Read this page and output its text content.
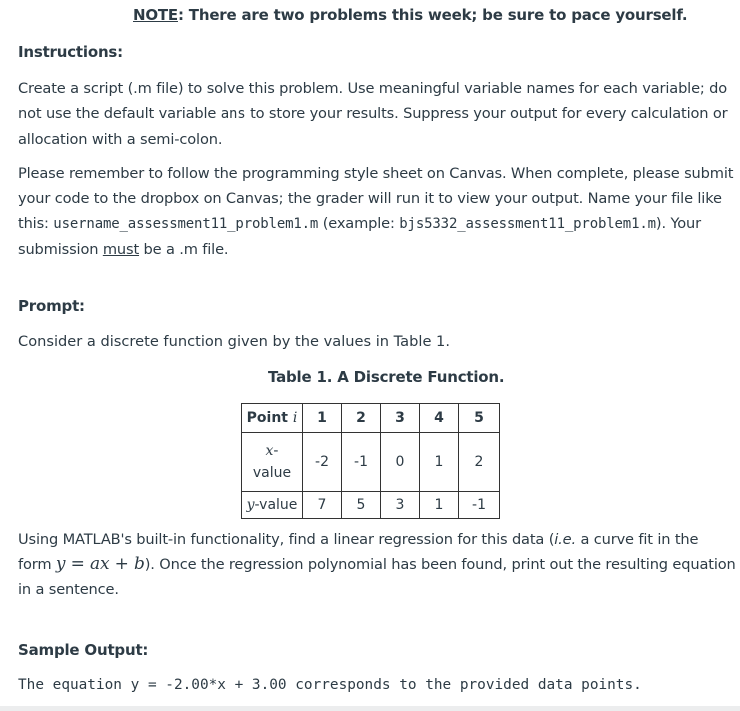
NOTE: There are two problems this week; be sure to pace yourself.
Instructions:
Create a script (.m file) to solve this problem. Use meaningful variable names for each variable; do not use the default variable ans to store your results. Suppress your output for every calculation or allocation with a semi-colon.
Please remember to follow the programming style sheet on Canvas. When complete, please submit your code to the dropbox on Canvas; the grader will run it to view your output. Name your file like this: username_assessment11_problem1.m (example: bjs5332_assessment11_problem1.m). Your submission must be a .m file.
Prompt:
Consider a discrete function given by the values in Table 1.
Table 1. A Discrete Function.
Point i	1	2	3	4	5
x-
value	-2	-1	0	1	2
y-value	7	5	3	1	-1
Using MATLAB's built-in functionality, find a linear regression for this data (i.e. a curve fit in the form y = ax + b). Once the regression polynomial has been found, print out the resulting equation in a sentence.
Sample Output:
The equation y = -2.00*x + 3.00 corresponds to the provided data points.
